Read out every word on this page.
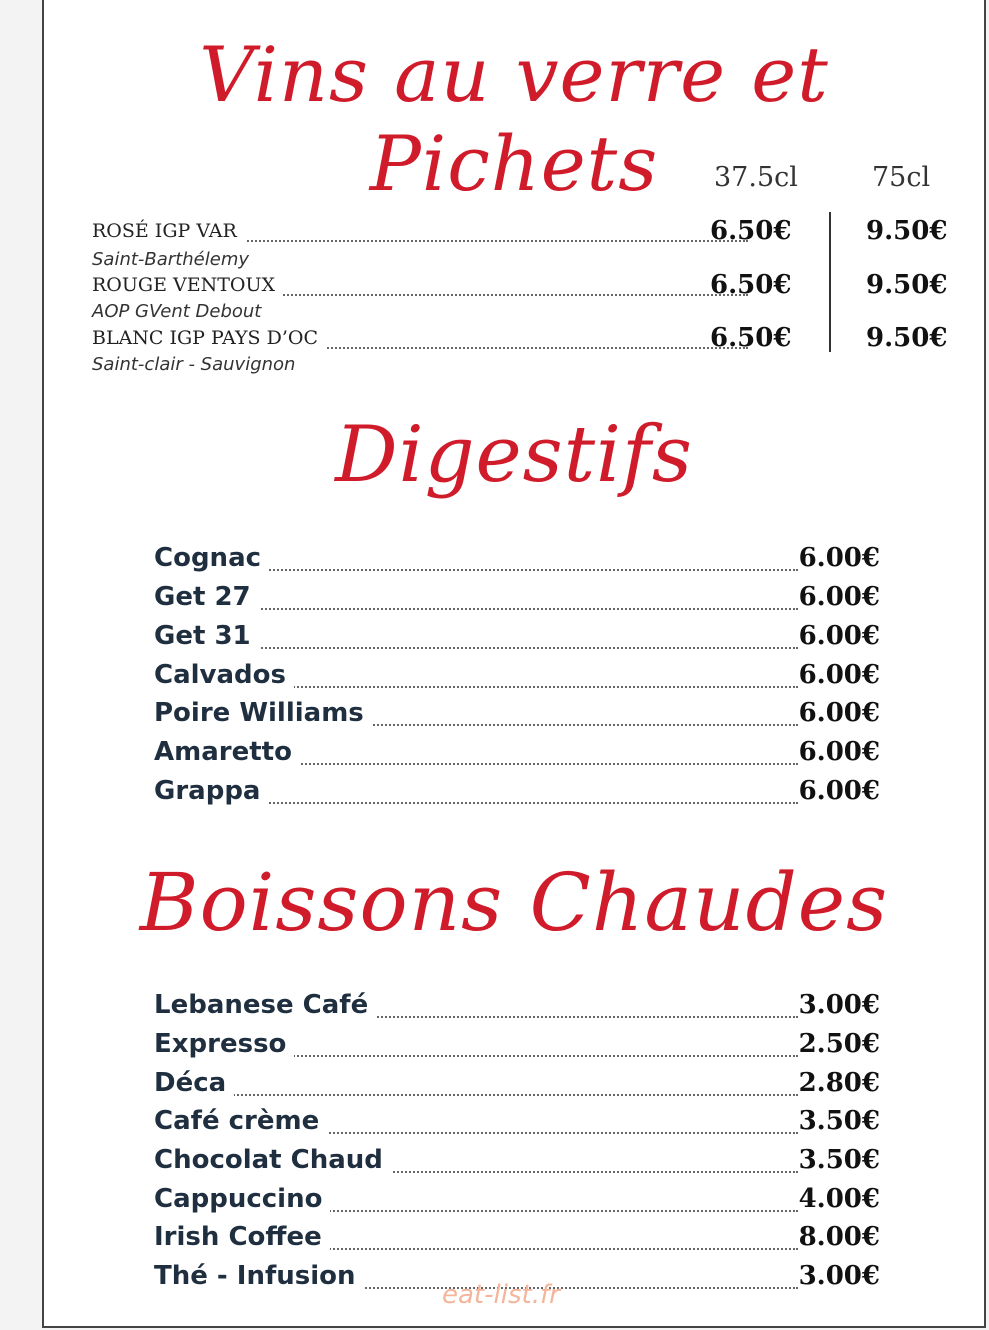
Vins au verre et Pichets	37.5cl	75cl
ROSÉ IGP VAR	6.50€	9.50€
Saint-Barthélemy
ROUGE VENTOUX	6.50€	9.50€
AOP GVent Debout
BLANC IGP PAYS D’OC	6.50€	9.50€
Saint-clair - Sauvignon
Digestifs
Cognac	6.00€
Get 27	6.00€
Get 31	6.00€
Calvados	6.00€
Poire Williams	6.00€
Amaretto	6.00€
Grappa	6.00€
Boissons Chaudes
Lebanese Café	3.00€
Expresso	2.50€
Déca	2.80€
Café crème	3.50€
Chocolat Chaud	3.50€
Cappuccino	4.00€
Irish Coffee	8.00€
Thé - Infusion	3.00€
eat-list.fr
